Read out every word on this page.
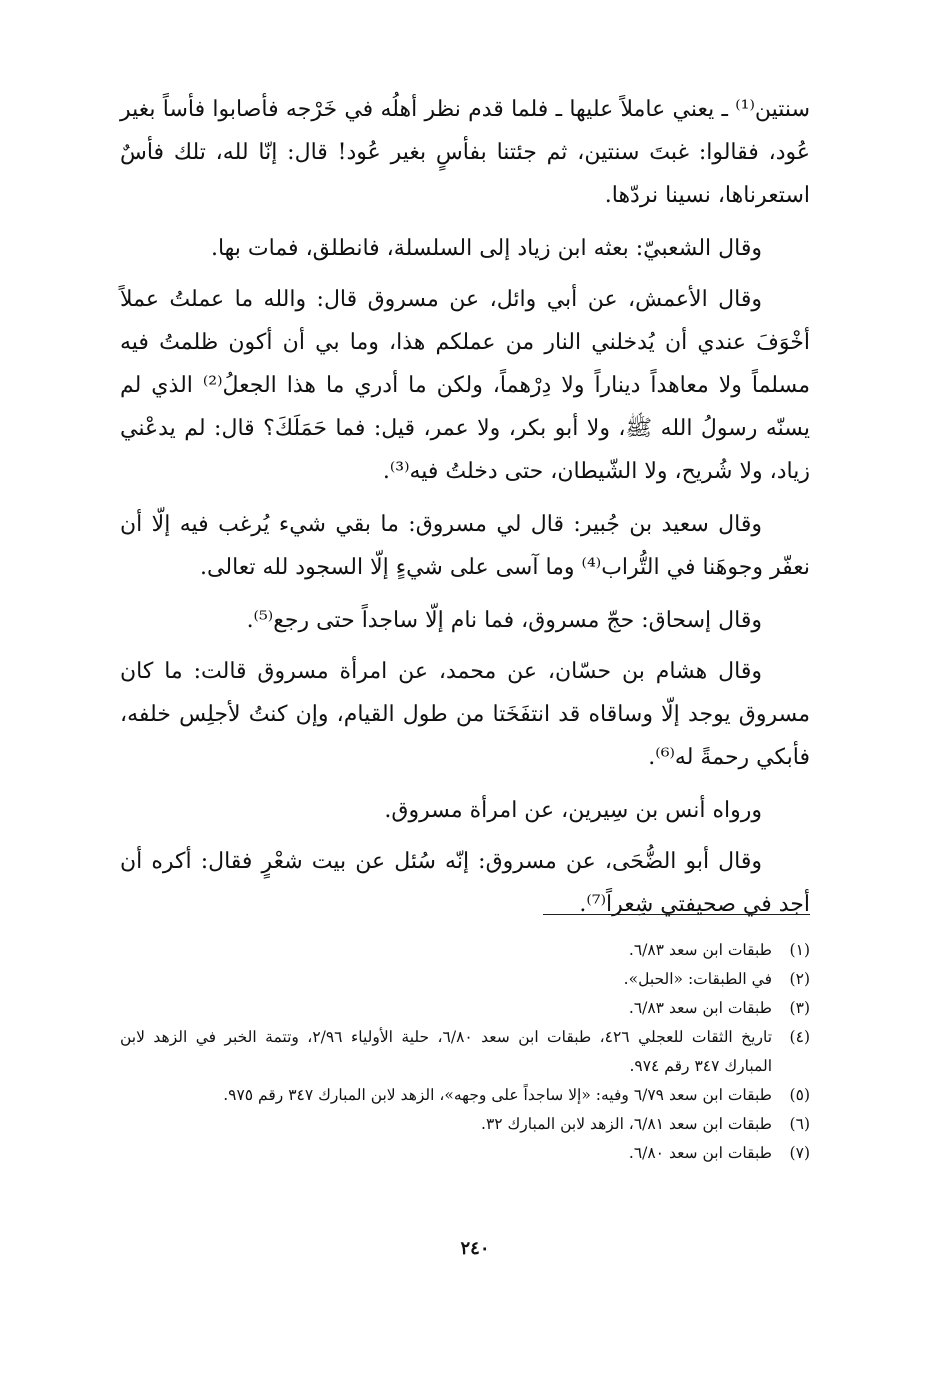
سنتين⁽¹⁾ ـ يعني عاملاً عليها ـ فلما قدم نظر أهلُه في خَرْجه فأصابوا فأساً بغير عُود، فقالوا: غبتَ سنتين، ثم جئتنا بفأسٍ بغير عُود! قال: إنّا لله، تلك فأسٌ استعرناها، نسينا نردّها.

وقال الشعبيّ: بعثه ابن زياد إلى السلسلة، فانطلق، فمات بها.

وقال الأعمش، عن أبي وائل، عن مسروق قال: والله ما عملتُ عملاً أخْوَفَ عندي أن يُدخلني النار من عملكم هذا، وما بي أن أكون ظلمتُ فيه مسلماً ولا معاهداً ديناراً ولا دِرْهماً، ولكن ما أدري ما هذا الجعلُ⁽²⁾ الذي لم يسنّه رسولُ الله ﷺ، ولا أبو بكر، ولا عمر، قيل: فما حَمَلَكَ؟ قال: لم يدعْني زياد، ولا شُريح، ولا الشّيطان، حتى دخلتُ فيه⁽³⁾.

وقال سعيد بن جُبير: قال لي مسروق: ما بقي شيء يُرغب فيه إلّا أن نعفّر وجوهَنا في التُّراب⁽⁴⁾ وما آسى على شيءٍ إلّا السجود لله تعالى.

وقال إسحاق: حجّ مسروق، فما نام إلّا ساجداً حتى رجع⁽⁵⁾.

وقال هشام بن حسّان، عن محمد، عن امرأة مسروق قالت: ما كان مسروق يوجد إلّا وساقاه قد انتفَخَتا من طول القيام، وإن كنتُ لأجلِس خلفه، فأبكي رحمةً له⁽⁶⁾.

ورواه أنس بن سِيرين، عن امرأة مسروق.

وقال أبو الضُّحَى، عن مسروق: إنّه سُئل عن بيت شعْرٍ فقال: أكره أن أجد في صحيفتي شِعراً⁽⁷⁾.

(١)
طبقات ابن سعد ٦/٨٣.
(٢)
في الطبقات: «الحبل».
(٣)
طبقات ابن سعد ٦/٨٣.
(٤)
تاريخ الثقات للعجلي ٤٢٦، طبقات ابن سعد ٦/٨٠، حلية الأولياء ٢/٩٦، وتتمة الخبر في الزهد لابن المبارك ٣٤٧ رقم ٩٧٤.
(٥)
طبقات ابن سعد ٦/٧٩ وفيه: «إلا ساجداً على وجهه»، الزهد لابن المبارك ٣٤٧ رقم ٩٧٥.
(٦)
طبقات ابن سعد ٦/٨١، الزهد لابن المبارك ٣٢.
(٧)
طبقات ابن سعد ٦/٨٠.
٢٤٠
